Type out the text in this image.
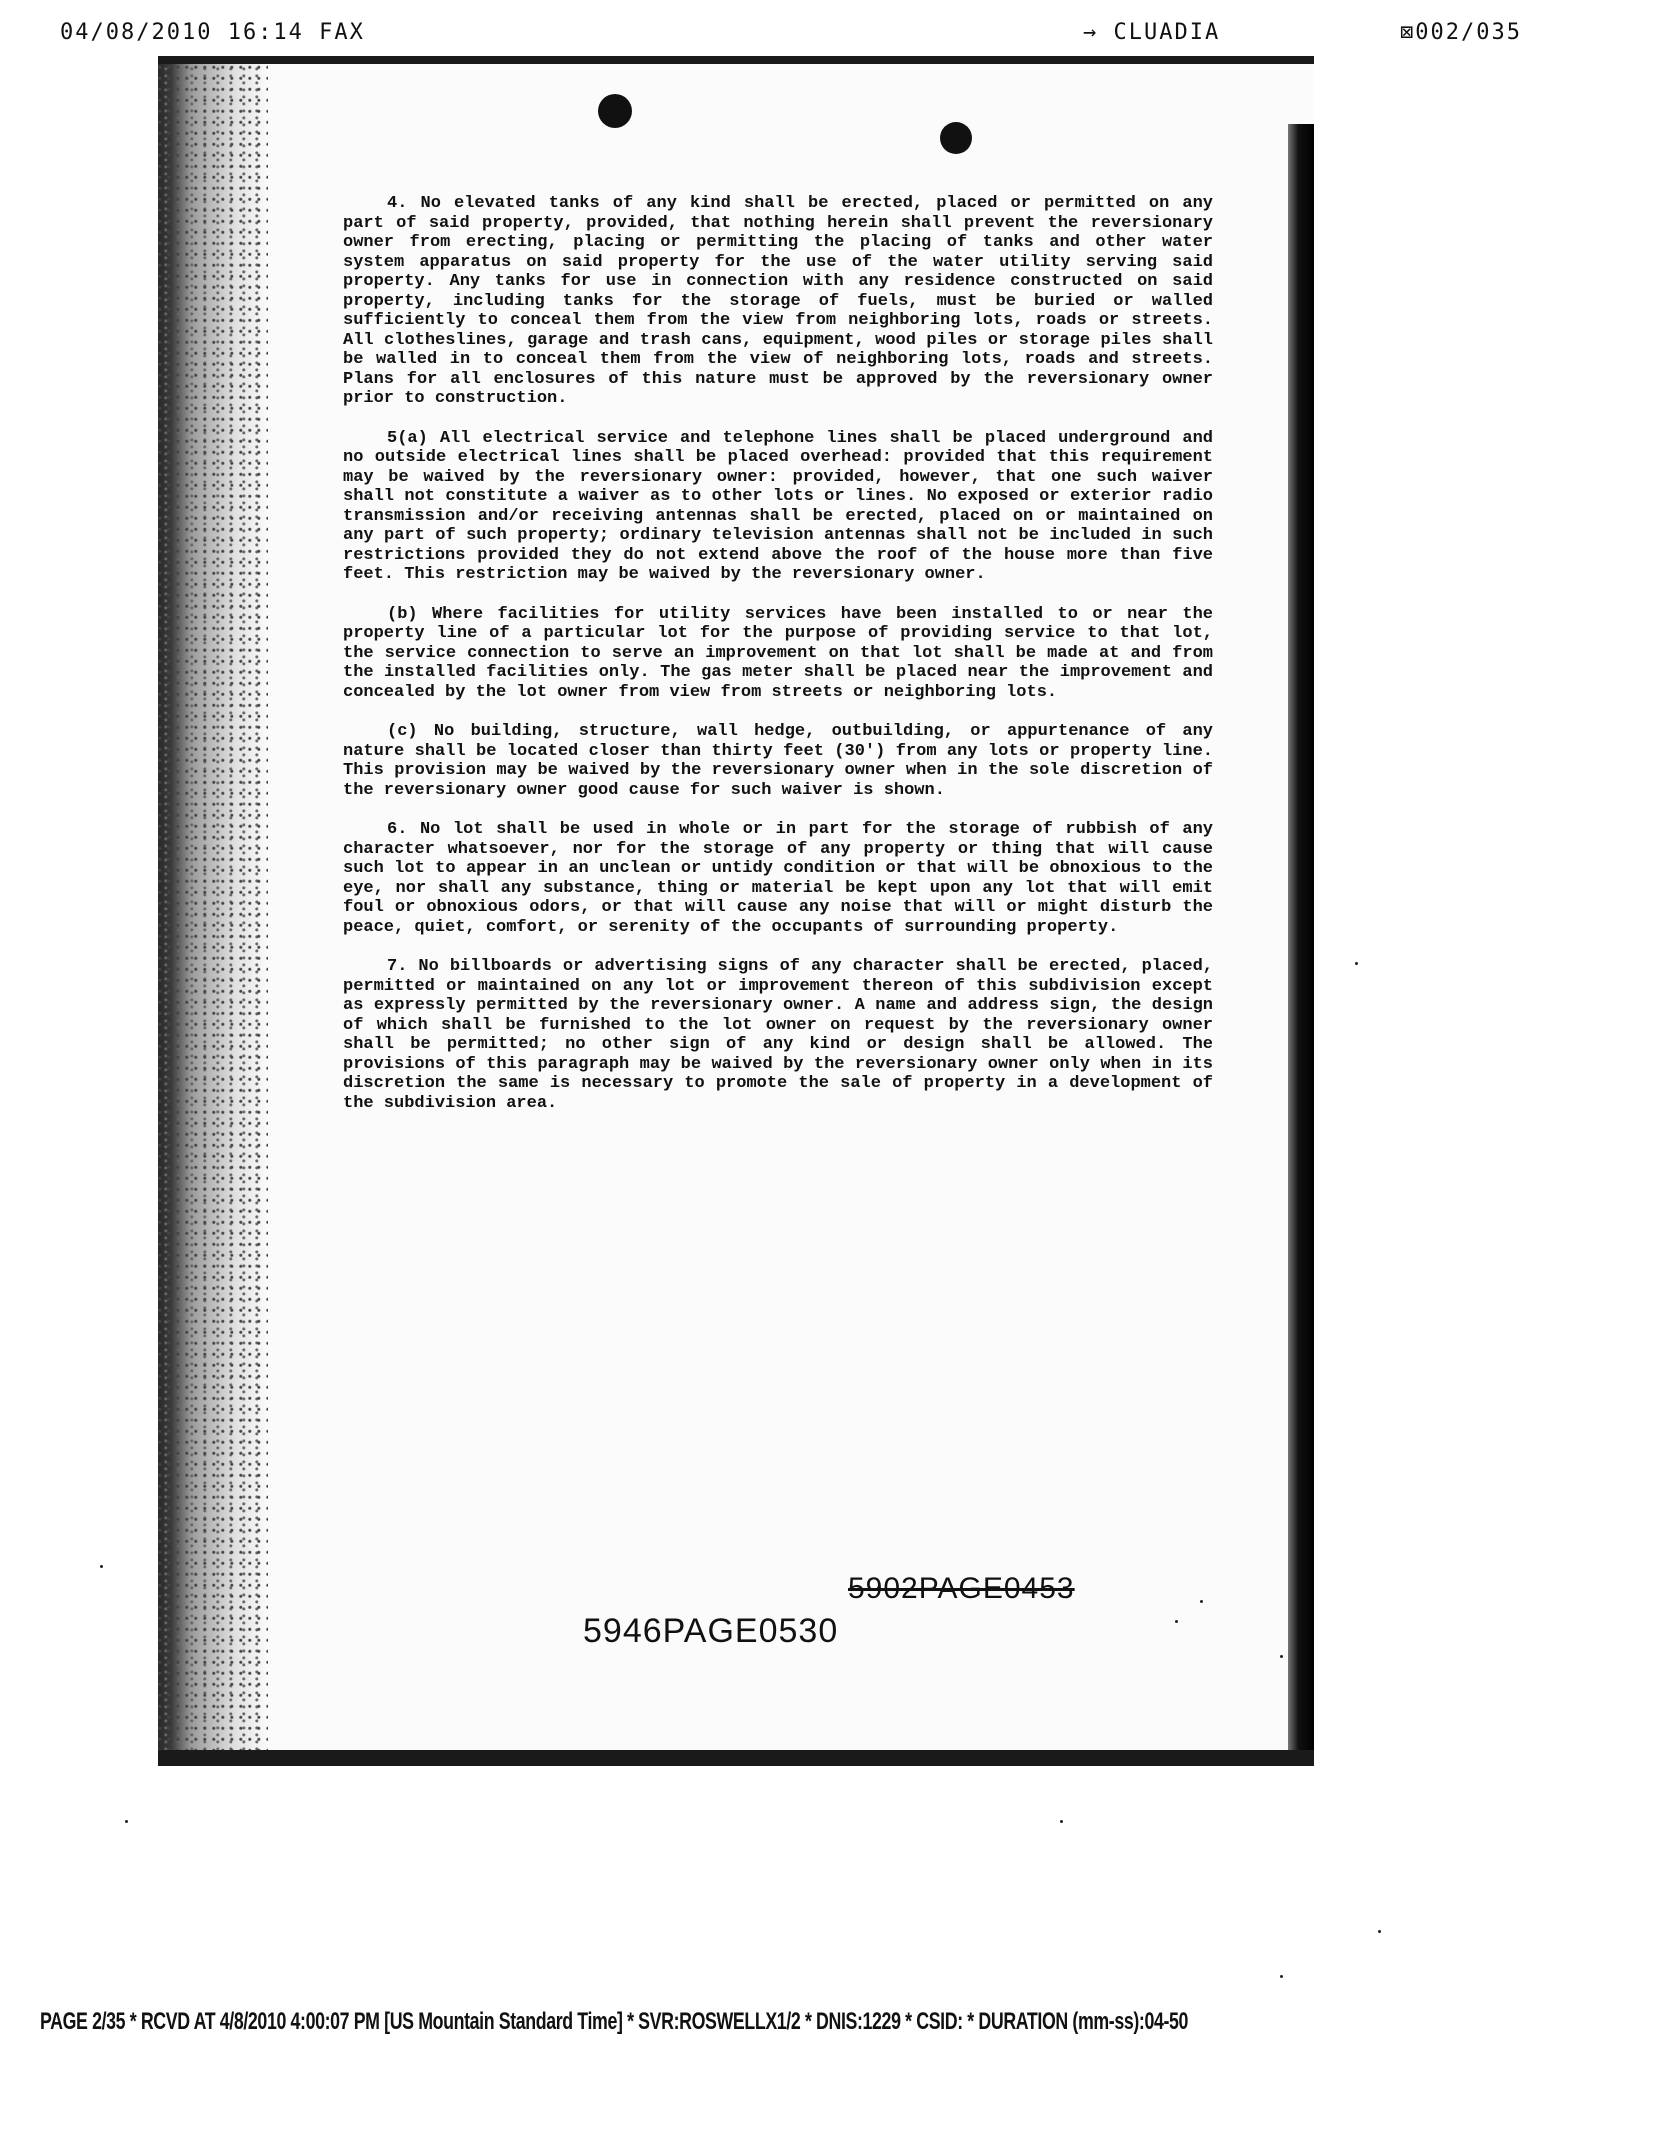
04/08/2010 16:14 FAX	→ CLUADIA	⊠002/035

4. No elevated tanks of any kind shall be erected, placed or permitted on any part of said property, provided, that nothing herein shall prevent the reversionary owner from erecting, placing or permitting the placing of tanks and other water system apparatus on said property for the use of the water utility serving said property. Any tanks for use in connection with any residence constructed on said property, including tanks for the storage of fuels, must be buried or walled sufficiently to conceal them from the view from neighboring lots, roads or streets. All clotheslines, garage and trash cans, equipment, wood piles or storage piles shall be walled in to conceal them from the view of neighboring lots, roads and streets. Plans for all enclosures of this nature must be approved by the reversionary owner prior to construction.

5(a) All electrical service and telephone lines shall be placed underground and no outside electrical lines shall be placed overhead: provided that this requirement may be waived by the reversionary owner: provided, however, that one such waiver shall not constitute a waiver as to other lots or lines. No exposed or exterior radio transmission and/or receiving antennas shall be erected, placed on or maintained on any part of such property; ordinary television antennas shall not be included in such restrictions provided they do not extend above the roof of the house more than five feet. This restriction may be waived by the reversionary owner.

(b) Where facilities for utility services have been installed to or near the property line of a particular lot for the purpose of providing service to that lot, the service connection to serve an improvement on that lot shall be made at and from the installed facilities only. The gas meter shall be placed near the improvement and concealed by the lot owner from view from streets or neighboring lots.

(c) No building, structure, wall hedge, outbuilding, or appurtenance of any nature shall be located closer than thirty feet (30') from any lots or property line. This provision may be waived by the reversionary owner when in the sole discretion of the reversionary owner good cause for such waiver is shown.

6. No lot shall be used in whole or in part for the storage of rubbish of any character whatsoever, nor for the storage of any property or thing that will cause such lot to appear in an unclean or untidy condition or that will be obnoxious to the eye, nor shall any substance, thing or material be kept upon any lot that will emit foul or obnoxious odors, or that will cause any noise that will or might disturb the peace, quiet, comfort, or serenity of the occupants of surrounding property.

7. No billboards or advertising signs of any character shall be erected, placed, permitted or maintained on any lot or improvement thereon of this subdivision except as expressly permitted by the reversionary owner. A name and address sign, the design of which shall be furnished to the lot owner on request by the reversionary owner shall be permitted; no other sign of any kind or design shall be allowed. The provisions of this paragraph may be waived by the reversionary owner only when in its discretion the same is necessary to promote the sale of property in a development of the subdivision area.

5946PAGE0530
5902PAGE0453
PAGE 2/35 * RCVD AT 4/8/2010 4:00:07 PM [US Mountain Standard Time] * SVR:ROSWELLX1/2 * DNIS:1229 * CSID: * DURATION (mm-ss):04-50
